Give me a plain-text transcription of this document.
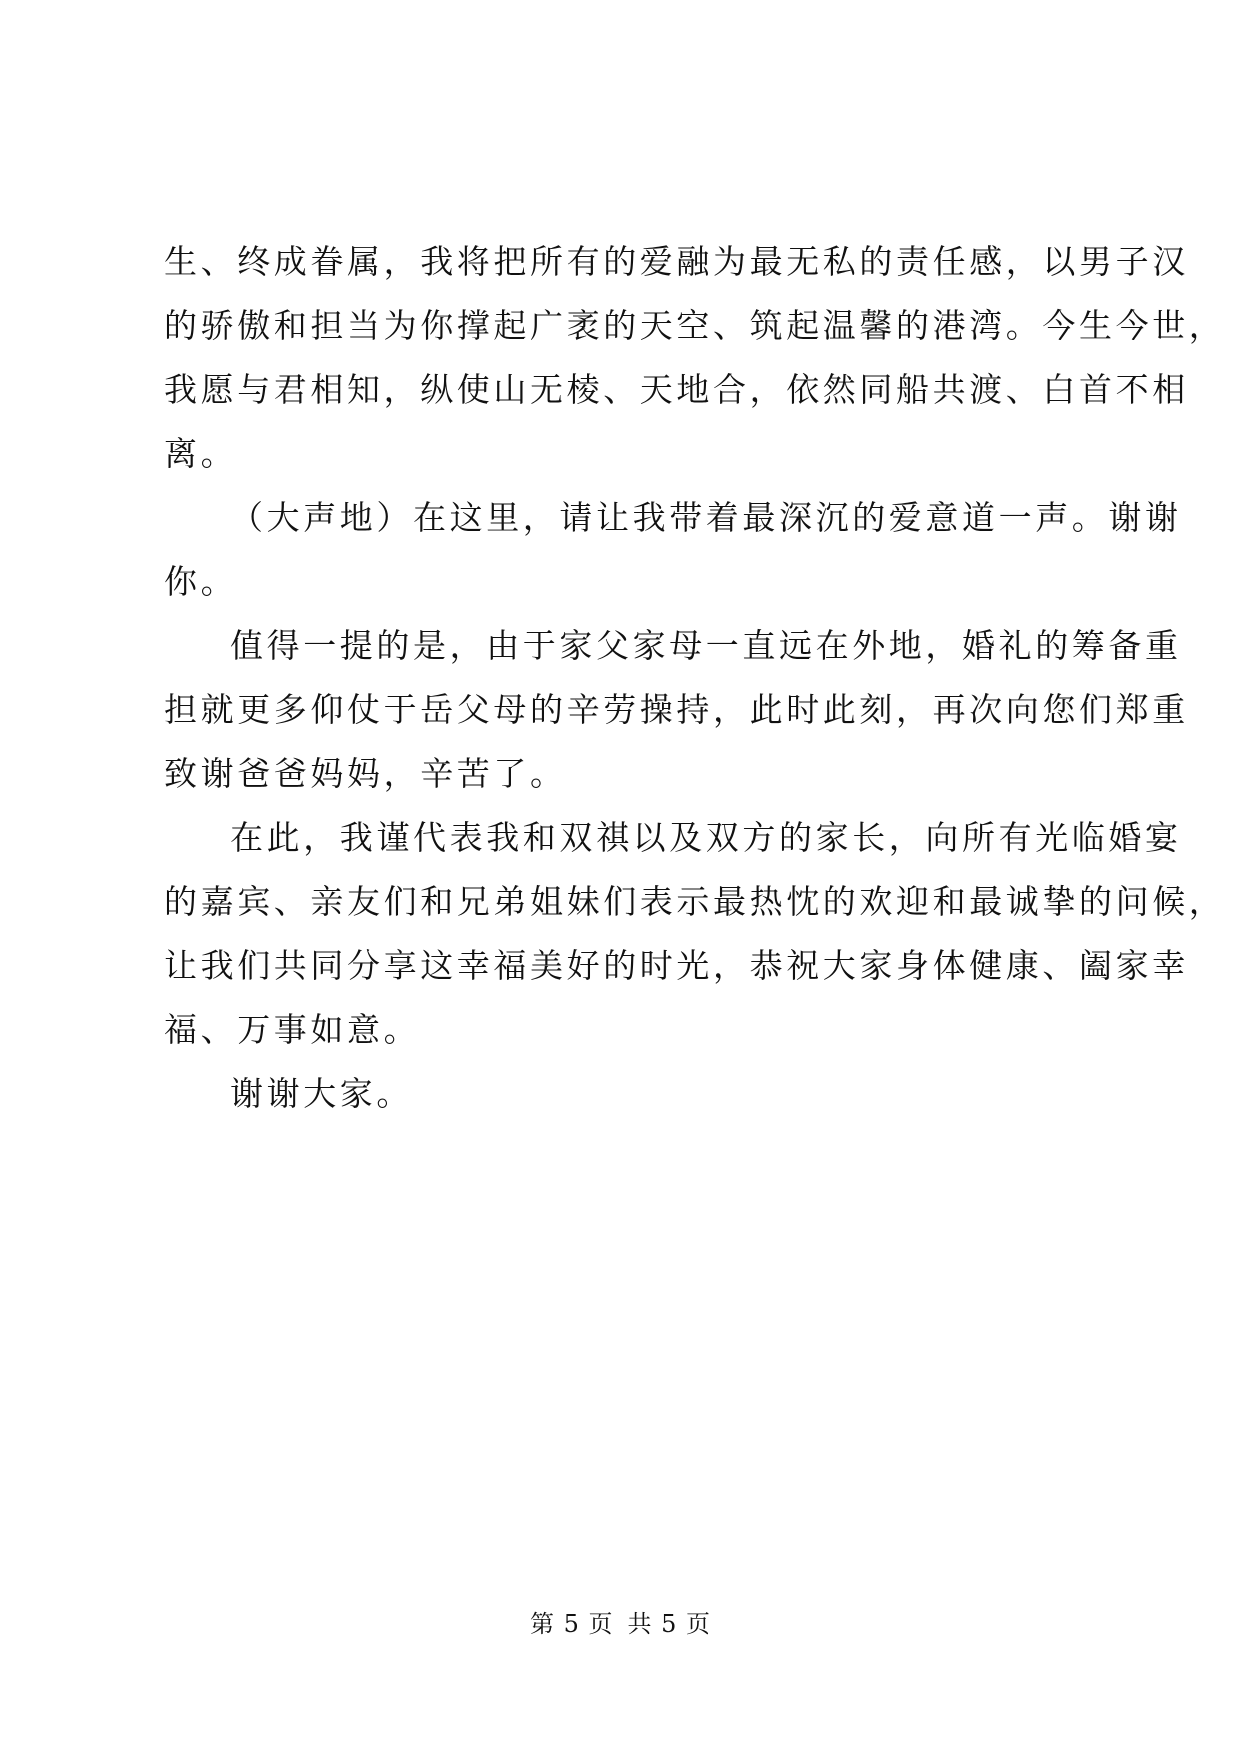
生、终成眷属，我将把所有的爱融为最无私的责任感，以男子汉
的骄傲和担当为你撑起广袤的天空、筑起温馨的港湾。今生今世，
我愿与君相知，纵使山无棱、天地合，依然同船共渡、白首不相
离。

（大声地）在这里，请让我带着最深沉的爱意道一声。谢谢
你。

值得一提的是，由于家父家母一直远在外地，婚礼的筹备重
担就更多仰仗于岳父母的辛劳操持，此时此刻，再次向您们郑重
致谢爸爸妈妈，辛苦了。

在此，我谨代表我和双祺以及双方的家长，向所有光临婚宴
的嘉宾、亲友们和兄弟姐妹们表示最热忱的欢迎和最诚挚的问候，
让我们共同分享这幸福美好的时光，恭祝大家身体健康、阖家幸
福、万事如意。

谢谢大家。

第 5 页 共 5 页
